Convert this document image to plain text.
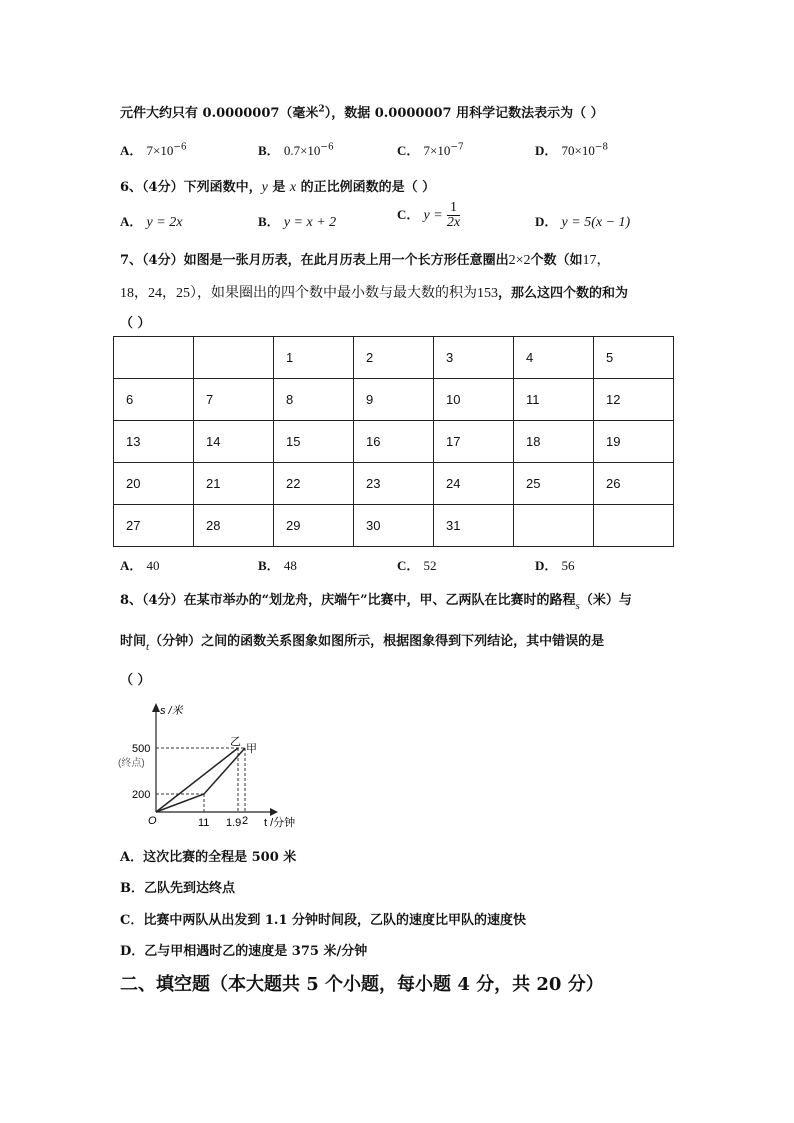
元件大约只有 0.0000007（毫米$^2$），数据 0.0000007 用科学记数法表示为（ ）
A． $7\times 10^{-6}$	B． $0.7\times 10^{-6}$	C． $7\times 10^{-7}$	D． $70\times 10^{-8}$
6、（4分）下列函数中，y 是 x 的正比例函数的是（ ）
A． y = 2x	B． y = x + 2
C． $y = \frac{1}{2x}$	D． y = 5(x − 1)
7、（4分）如图是一张月历表，在此月历表上用一个长方形任意圈出2×2个数（如17，
18，24，25），如果圈出的四个数中最小数与最大数的积为153，那么这四个数的和为
（ ）
		1	2	3	4	5
6	7	8	9	10	11	12
13	14	15	16	17	18	19
20	21	22	23	24	25	26
27	28	29	30	31		
A． 40	B． 48	C． 52	D． 56
8、（4分）在某市举办的“划龙舟，庆端午”比赛中，甲、乙两队在比赛时的路程$_s$（米）与
时间$_t$（分钟）之间的函数关系图象如图所示，根据图象得到下列结论，其中错误的是
（ ）
s /米
t /分钟
O
500
200
(终点)
11 1.9 2
乙
甲
A．这次比赛的全程是 500 米
B．乙队先到达终点
C．比赛中两队从出发到 1.1 分钟时间段，乙队的速度比甲队的速度快
D．乙与甲相遇时乙的速度是 375 米/分钟
二、填空题（本大题共 5 个小题，每小题 4 分，共 20 分）
